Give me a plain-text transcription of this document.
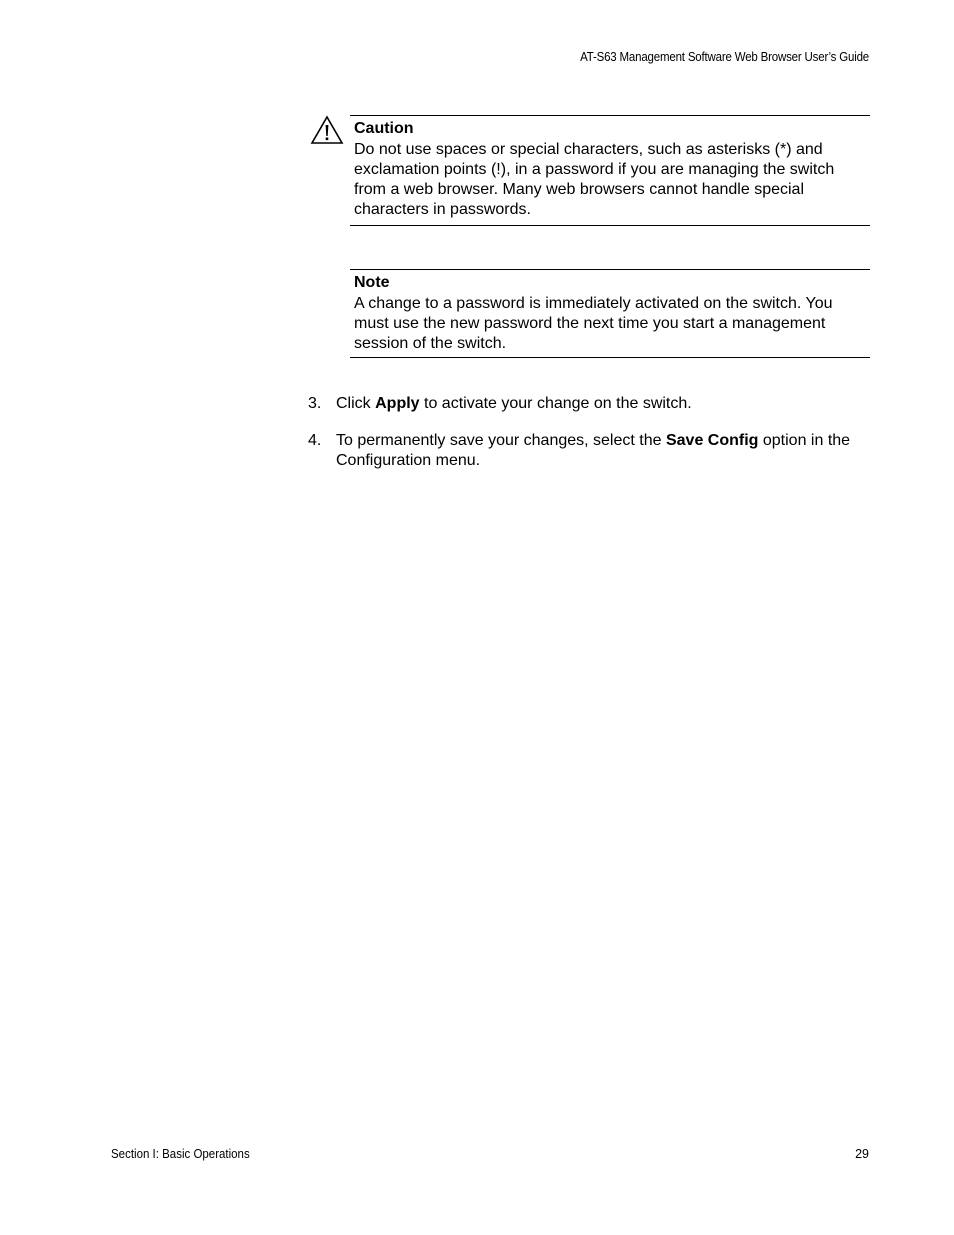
AT-S63 Management Software Web Browser User’s Guide
Caution
Do not use spaces or special characters, such as asterisks (*) and exclamation points (!), in a password if you are managing the switch from a web browser. Many web browsers cannot handle special characters in passwords.
Note
A change to a password is immediately activated on the switch. You must use the new password the next time you start a management session of the switch.
3. Click Apply to activate your change on the switch.
4. To permanently save your changes, select the Save Config option in the Configuration menu.
Section I: Basic Operations	29
